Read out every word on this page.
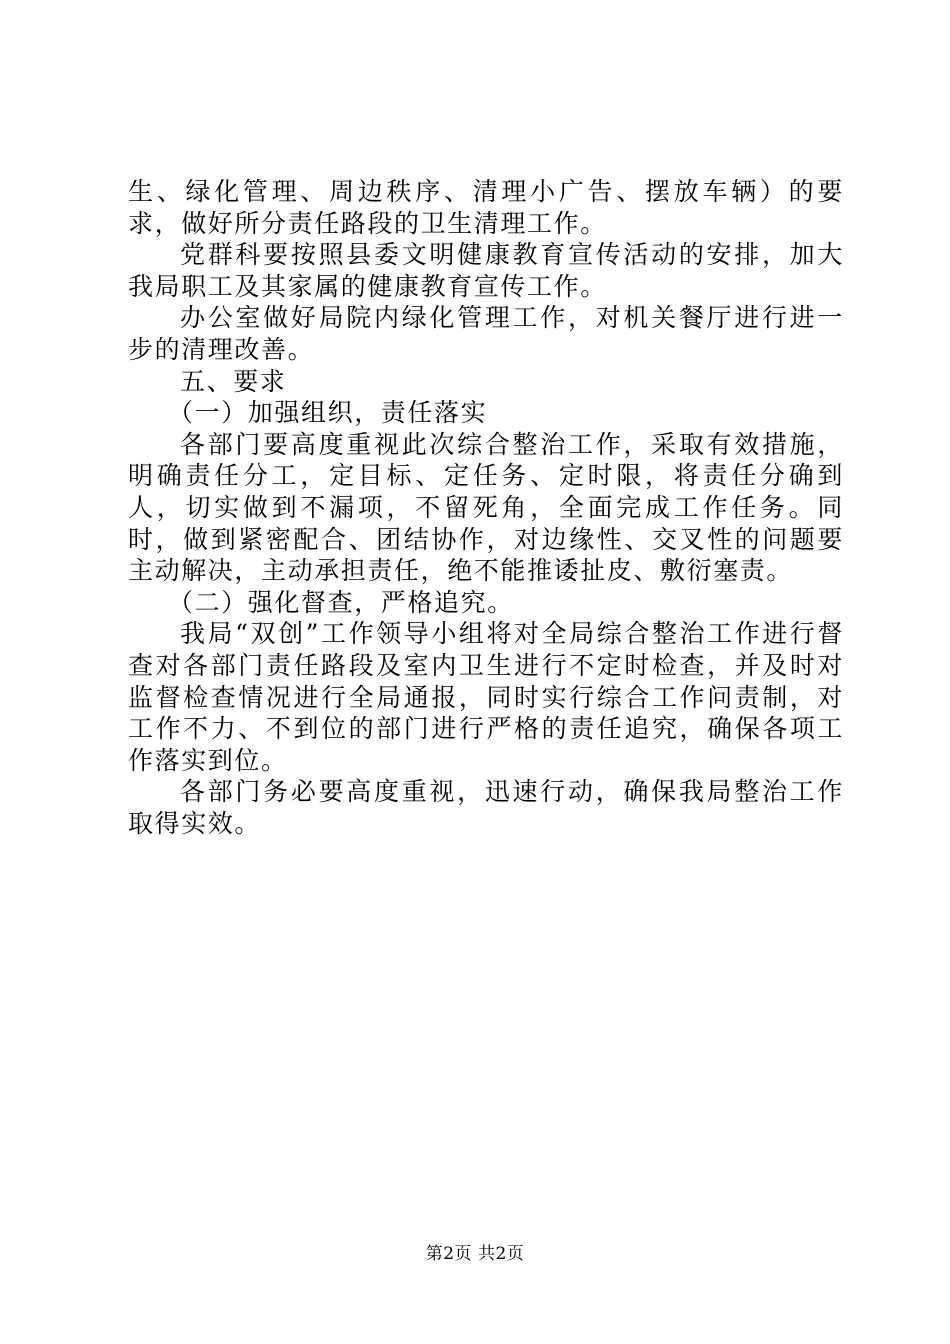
生、绿化管理、周边秩序、清理小广告、摆放车辆）的要求，做好所分责任路段的卫生清理工作。

党群科要按照县委文明健康教育宣传活动的安排，加大我局职工及其家属的健康教育宣传工作。

办公室做好局院内绿化管理工作，对机关餐厅进行进一步的清理改善。

五、要求

（一）加强组织，责任落实

各部门要高度重视此次综合整治工作，采取有效措施，明确责任分工，定目标、定任务、定时限，将责任分确到人，切实做到不漏项，不留死角，全面完成工作任务。同时，做到紧密配合、团结协作，对边缘性、交叉性的问题要主动解决，主动承担责任，绝不能推诿扯皮、敷衍塞责。

（二）强化督查，严格追究。

我局“双创”工作领导小组将对全局综合整治工作进行督查对各部门责任路段及室内卫生进行不定时检查，并及时对监督检查情况进行全局通报，同时实行综合工作问责制，对工作不力、不到位的部门进行严格的责任追究，确保各项工作落实到位。

各部门务必要高度重视，迅速行动，确保我局整治工作取得实效。

第2页 共2页
